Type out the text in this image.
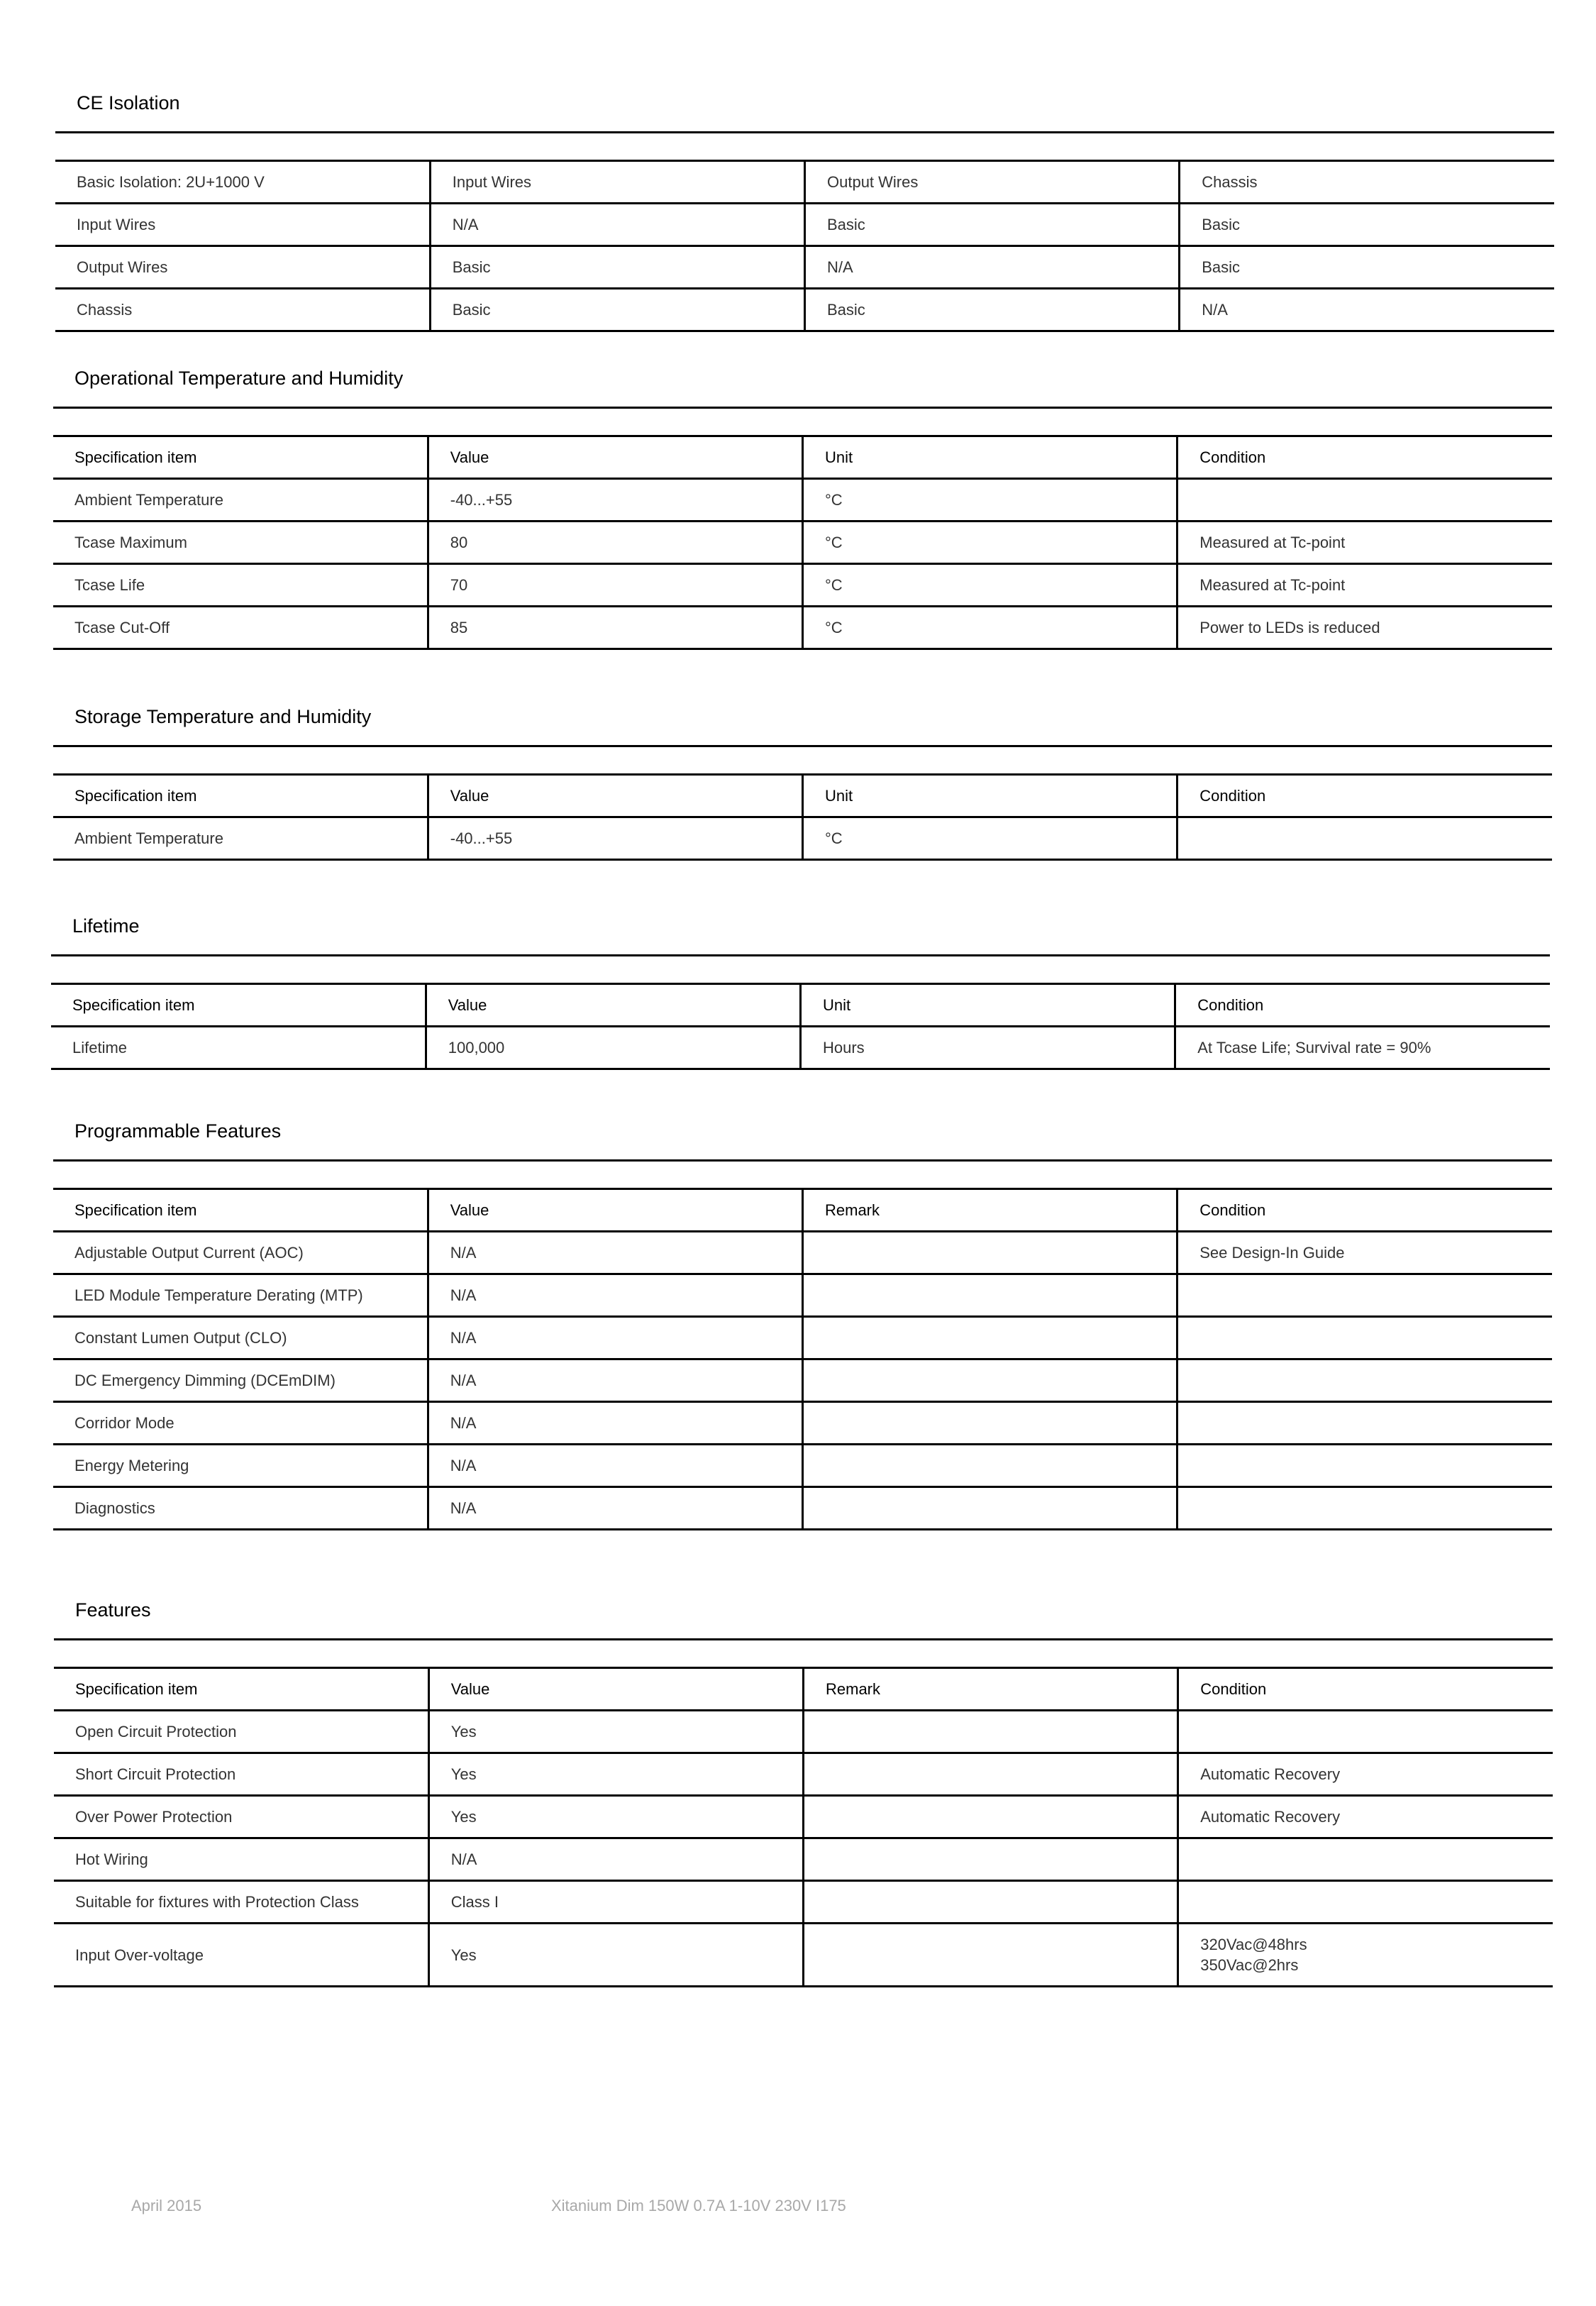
CE Isolation
Basic Isolation: 2U+1000 V	Input Wires	Output Wires	Chassis
Input Wires	N/A	Basic	Basic
Output Wires	Basic	N/A	Basic
Chassis	Basic	Basic	N/A
Operational Temperature and Humidity
Specification item	Value	Unit	Condition
Ambient Temperature	-40...+55	°C	
Tcase Maximum	80	°C	Measured at Tc-point
Tcase Life	70	°C	Measured at Tc-point
Tcase Cut-Off	85	°C	Power to LEDs is reduced
Storage Temperature and Humidity
Specification item	Value	Unit	Condition
Ambient Temperature	-40...+55	°C	
Lifetime
Specification item	Value	Unit	Condition
Lifetime	100,000	Hours	At Tcase Life; Survival rate = 90%
Programmable Features
Specification item	Value	Remark	Condition
Adjustable Output Current (AOC)	N/A		See Design-In Guide
LED Module Temperature Derating (MTP)	N/A		
Constant Lumen Output (CLO)	N/A		
DC Emergency Dimming (DCEmDIM)	N/A		
Corridor Mode	N/A		
Energy Metering	N/A		
Diagnostics	N/A		
Features
Specification item	Value	Remark	Condition
Open Circuit Protection	Yes		
Short Circuit Protection	Yes		Automatic Recovery
Over Power Protection	Yes		Automatic Recovery
Hot Wiring	N/A		
Suitable for fixtures with Protection Class	Class I		
Input Over-voltage	Yes		320Vac@48hrs
350Vac@2hrs
April 2015	Xitanium Dim 150W 0.7A 1-10V 230V I175
